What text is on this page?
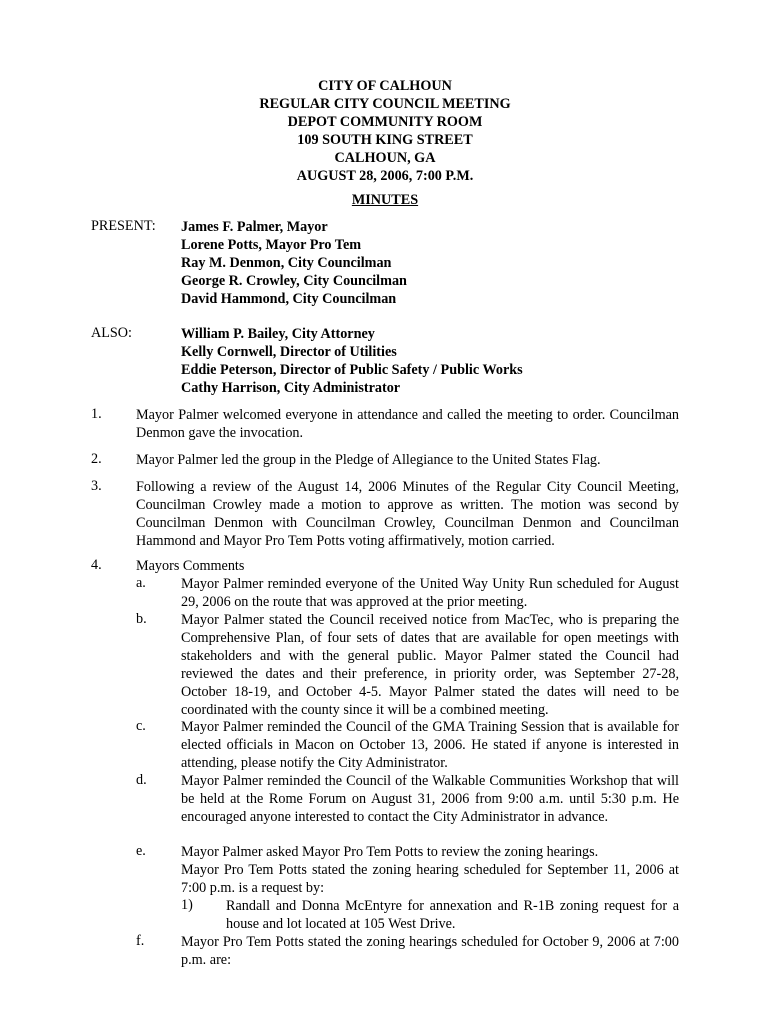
CITY OF CALHOUN
REGULAR CITY COUNCIL MEETING
DEPOT COMMUNITY ROOM
109 SOUTH KING STREET
CALHOUN, GA
AUGUST 28, 2006, 7:00 P.M.
MINUTES
PRESENT: James F. Palmer, Mayor
Lorene Potts, Mayor Pro Tem
Ray M. Denmon, City Councilman
George R. Crowley, City Councilman
David Hammond, City Councilman
ALSO:	William P. Bailey, City Attorney
Kelly Cornwell, Director of Utilities
Eddie Peterson, Director of Public Safety / Public Works
Cathy Harrison, City Administrator
1. Mayor Palmer welcomed everyone in attendance and called the meeting to order. Councilman Denmon gave the invocation.
2. Mayor Palmer led the group in the Pledge of Allegiance to the United States Flag.
3. Following a review of the August 14, 2006 Minutes of the Regular City Council Meeting, Councilman Crowley made a motion to approve as written. The motion was second by Councilman Denmon with Councilman Crowley, Councilman Denmon and Councilman Hammond and Mayor Pro Tem Potts voting affirmatively, motion carried.
4. Mayors Comments
a. Mayor Palmer reminded everyone of the United Way Unity Run scheduled for August 29, 2006 on the route that was approved at the prior meeting.
b. Mayor Palmer stated the Council received notice from MacTec, who is preparing the Comprehensive Plan, of four sets of dates that are available for open meetings with stakeholders and with the general public. Mayor Palmer stated the Council had reviewed the dates and their preference, in priority order, was September 27-28, October 18-19, and October 4-5. Mayor Palmer stated the dates will need to be coordinated with the county since it will be a combined meeting.
c. Mayor Palmer reminded the Council of the GMA Training Session that is available for elected officials in Macon on October 13, 2006. He stated if anyone is interested in attending, please notify the City Administrator.
d. Mayor Palmer reminded the Council of the Walkable Communities Workshop that will be held at the Rome Forum on August 31, 2006 from 9:00 a.m. until 5:30 p.m. He encouraged anyone interested to contact the City Administrator in advance.
e. Mayor Palmer asked Mayor Pro Tem Potts to review the zoning hearings.
Mayor Pro Tem Potts stated the zoning hearing scheduled for September 11, 2006 at 7:00 p.m. is a request by:
1) Randall and Donna McEntyre for annexation and R-1B zoning request for a house and lot located at 105 West Drive.
f.	Mayor Pro Tem Potts stated the zoning hearings scheduled for October 9, 2006 at 7:00 p.m. are:
